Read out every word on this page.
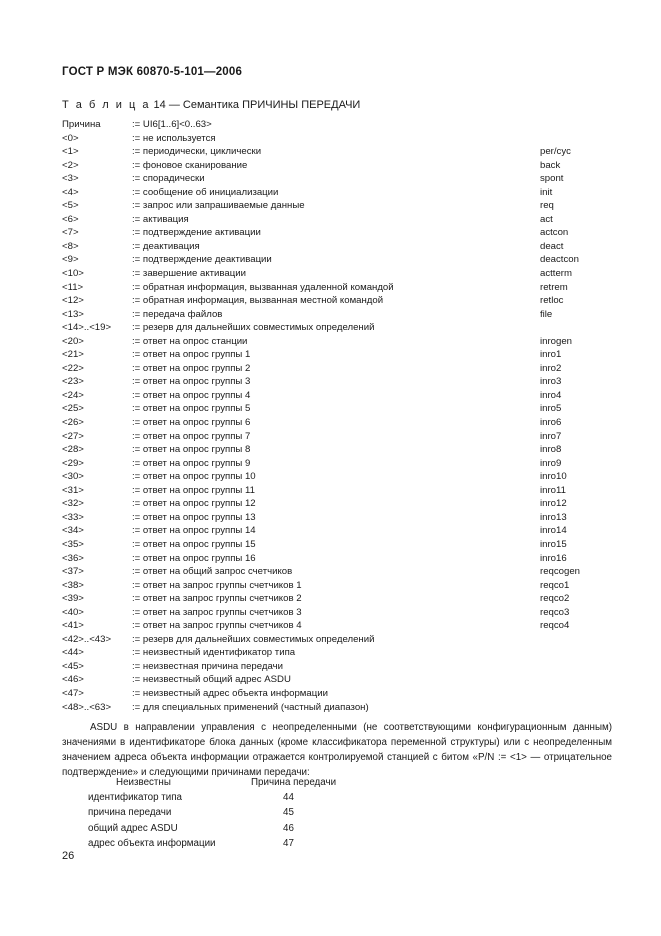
ГОСТ Р МЭК 60870-5-101—2006
Т а б л и ц а 14 — Семантика ПРИЧИНЫ ПЕРЕДАЧИ
Причина	:= UI6[1..6]<0..63>
<0>	:= не используется
<1>	:= периодически, циклически	per/cyc
<2>	:= фоновое сканирование	back
<3>	:= спорадически	spont
<4>	:= сообщение об инициализации	init
<5>	:= запрос или запрашиваемые данные	req
<6>	:= активация	act
<7>	:= подтверждение активации	actcon
<8>	:= деактивация	deact
<9>	:= подтверждение деактивации	deactcon
<10>	:= завершение активации	actterm
<11>	:= обратная информация, вызванная удаленной командой	retrem
<12>	:= обратная информация, вызванная местной командой	retloc
<13>	:= передача файлов	file
<14>..<19> := резерв для дальнейших совместимых определений
<20>	:= ответ на опрос станции	inrogen
<21>	:= ответ на опрос группы 1	inro1
<22>	:= ответ на опрос группы 2	inro2
<23>	:= ответ на опрос группы 3	inro3
<24>	:= ответ на опрос группы 4	inro4
<25>	:= ответ на опрос группы 5	inro5
<26>	:= ответ на опрос группы 6	inro6
<27>	:= ответ на опрос группы 7	inro7
<28>	:= ответ на опрос группы 8	inro8
<29>	:= ответ на опрос группы 9	inro9
<30>	:= ответ на опрос группы 10	inro10
<31>	:= ответ на опрос группы 11	inro11
<32>	:= ответ на опрос группы 12	inro12
<33>	:= ответ на опрос группы 13	inro13
<34>	:= ответ на опрос группы 14	inro14
<35>	:= ответ на опрос группы 15	inro15
<36>	:= ответ на опрос группы 16	inro16
<37>	:= ответ на общий запрос счетчиков	reqcogen
<38>	:= ответ на запрос группы счетчиков 1	reqco1
<39>	:= ответ на запрос группы счетчиков 2	reqco2
<40>	:= ответ на запрос группы счетчиков 3	reqco3
<41>	:= ответ на запрос группы счетчиков 4	reqco4
<42>..<43> := резерв для дальнейших совместимых определений
<44>	:= неизвестный идентификатор типа
<45>	:= неизвестная причина передачи
<46>	:= неизвестный общий адрес ASDU
<47>	:= неизвестный адрес объекта информации
<48>..<63> := для специальных применений (частный диапазон)
ASDU в направлении управления с неопределенными (не соответствующими конфигурационным данным) значениями в идентификаторе блока данных (кроме классификатора переменной структуры) или с неопределенным значением адреса объекта информации отражается контролируемой станцией с битом «P/N := <1> — отрицательное подтверждение» и следующими причинами передачи:
Неизвестны	Причина передачи
идентификатор типа	44
причина передачи	45
общий адрес ASDU	46
адрес объекта информации	47
26
